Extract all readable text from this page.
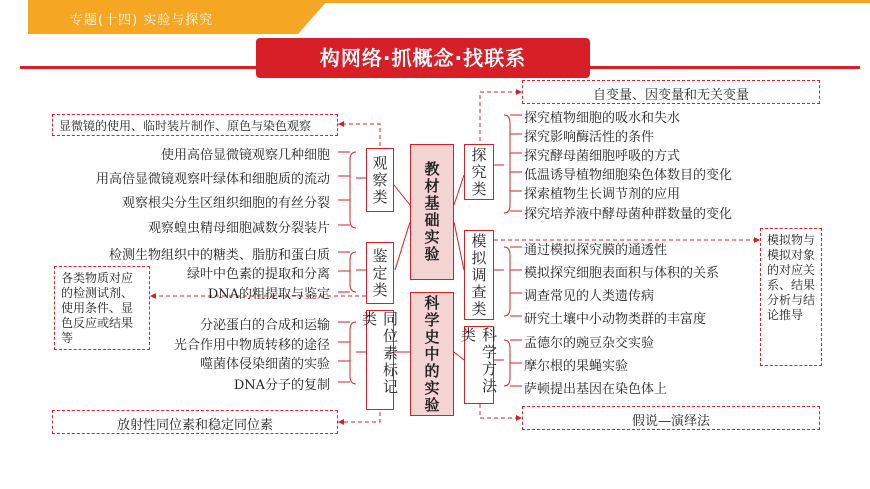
专题(十四) 实验与探究
构网络·抓概念·找联系
教材基础实验
科学史中的实验
观察类
鉴定类
同位素标记类
探究类
模拟调查类
科学方法类
显微镜的使用、临时装片制作、原色与染色观察
各类物质对应的检测试剂、使用条件、显色反应或结果等
放射性同位素和稳定同位素
使用高倍显微镜观察几种细胞
用高倍显微镜观察叶绿体和细胞质的流动
观察根尖分生区组织细胞的有丝分裂
观察蝗虫精母细胞减数分裂装片
检测生物组织中的糖类、脂肪和蛋白质
绿叶中色素的提取和分离
DNA的粗提取与鉴定
分泌蛋白的合成和运输
光合作用中物质转移的途径
噬菌体侵染细菌的实验
DNA分子的复制
自变量、因变量和无关变量
模拟物与模拟对象的对应关系、结果分析与结论推导
假说—演绎法
探究植物细胞的吸水和失水
探究影响酶活性的条件
探究酵母菌细胞呼吸的方式
低温诱导植物细胞染色体数目的变化
探索植物生长调节剂的应用
探究培养液中酵母菌种群数量的变化
通过模拟探究膜的通透性
模拟探究细胞表面积与体积的关系
调查常见的人类遗传病
研究土壤中小动物类群的丰富度
孟德尔的豌豆杂交实验
摩尔根的果蝇实验
萨顿提出基因在染色体上
